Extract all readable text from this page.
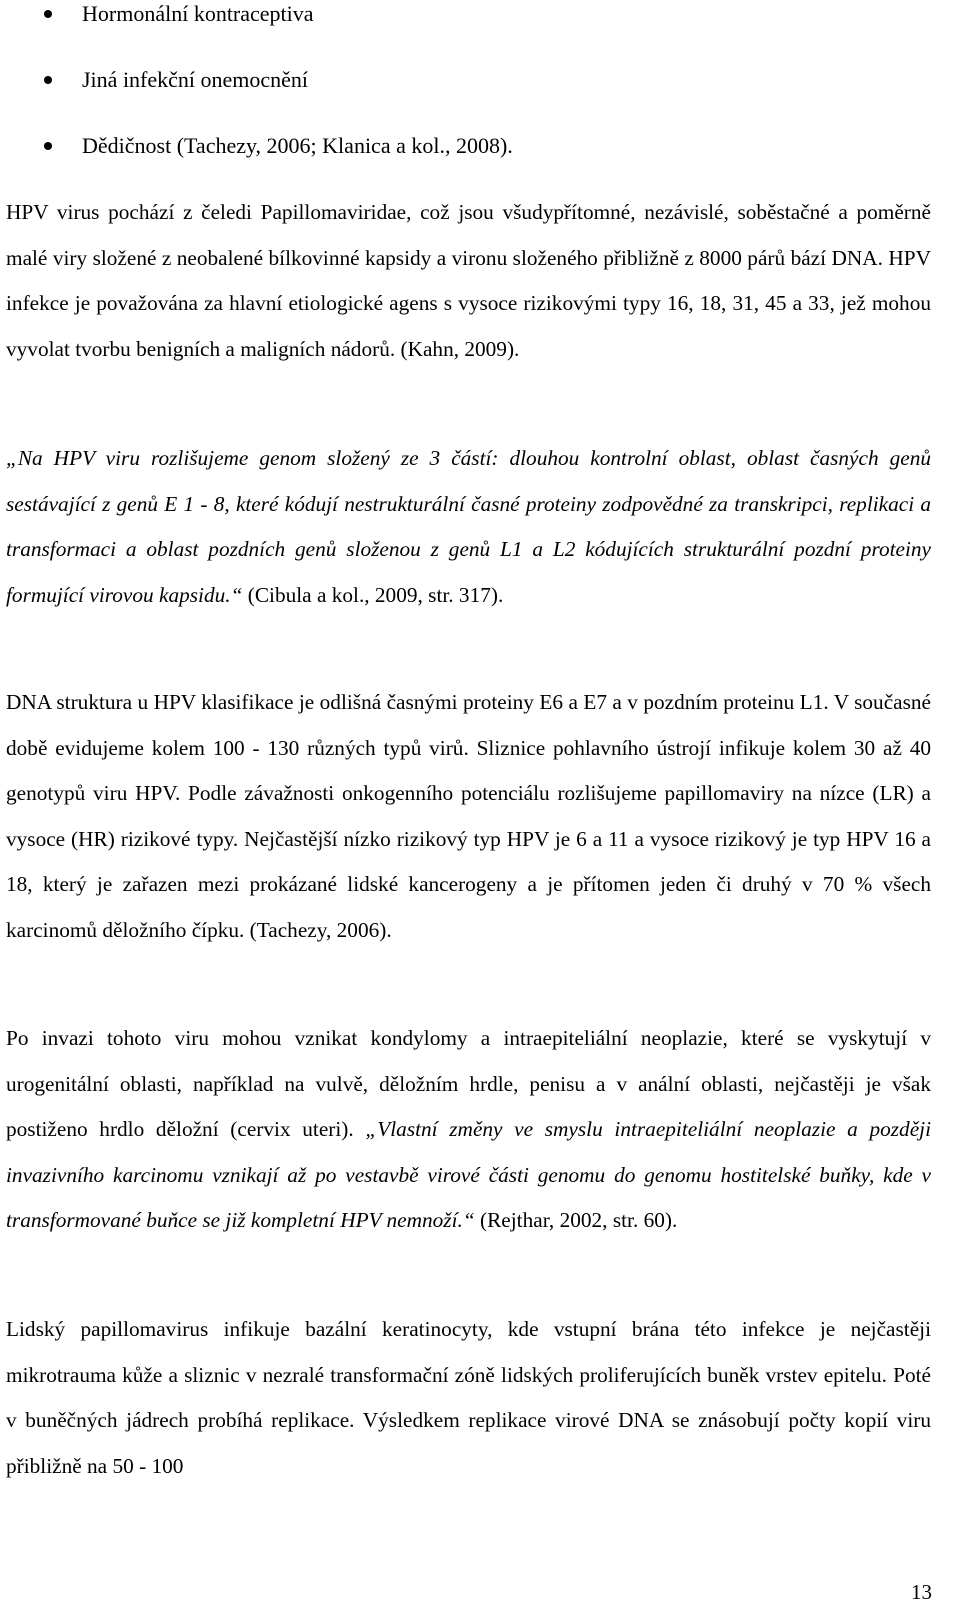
Hormonální kontraceptiva
Jiná infekční onemocnění
Dědičnost (Tachezy, 2006; Klanica a kol., 2008).

HPV virus pochází z čeledi Papillomaviridae, což jsou všudypřítomné, nezávislé, soběstačné a poměrně malé viry složené z neobalené bílkovinné kapsidy a vironu složeného přibližně z 8000 párů bází DNA. HPV infekce je považována za hlavní etiologické agens s vysoce rizikovými typy 16, 18, 31, 45 a 33, jež mohou vyvolat tvorbu benigních a maligních nádorů. (Kahn, 2009).

„Na HPV viru rozlišujeme genom složený ze 3 částí: dlouhou kontrolní oblast, oblast časných genů sestávající z genů E 1 - 8, které kódují nestrukturální časné proteiny zodpovědné za transkripci, replikaci a transformaci a oblast pozdních genů složenou z genů L1 a L2 kódujících strukturální pozdní proteiny formující virovou kapsidu.“ (Cibula a kol., 2009, str. 317).

DNA struktura u HPV klasifikace je odlišná časnými proteiny E6 a E7 a v pozdním proteinu L1. V současné době evidujeme kolem 100 - 130 různých typů virů. Sliznice pohlavního ústrojí infikuje kolem 30 až 40 genotypů viru HPV. Podle závažnosti onkogenního potenciálu rozlišujeme papillomaviry na nízce (LR) a vysoce (HR) rizikové typy. Nejčastější nízko rizikový typ HPV je 6 a 11 a vysoce rizikový je typ HPV 16 a 18, který je zařazen mezi prokázané lidské kancerogeny a je přítomen jeden či druhý v 70 % všech karcinomů děložního čípku. (Tachezy, 2006).

Po invazi tohoto viru mohou vznikat kondylomy a intraepiteliální neoplazie, které se vyskytují v urogenitální oblasti, například na vulvě, děložním hrdle, penisu a v anální oblasti, nejčastěji je však postiženo hrdlo děložní (cervix uteri). „Vlastní změny ve smyslu intraepiteliální neoplazie a později invazivního karcinomu vznikají až po vestavbě virové části genomu do genomu hostitelské buňky, kde v transformované buňce se již kompletní HPV nemnoží.“ (Rejthar, 2002, str. 60).

Lidský papillomavirus infikuje bazální keratinocyty, kde vstupní brána této infekce je nejčastěji mikrotrauma kůže a sliznic v nezralé transformační zóně lidských proliferujících buněk vrstev epitelu. Poté v buněčných jádrech probíhá replikace. Výsledkem replikace virové DNA se znásobují počty kopií viru přibližně na 50 - 100

13
